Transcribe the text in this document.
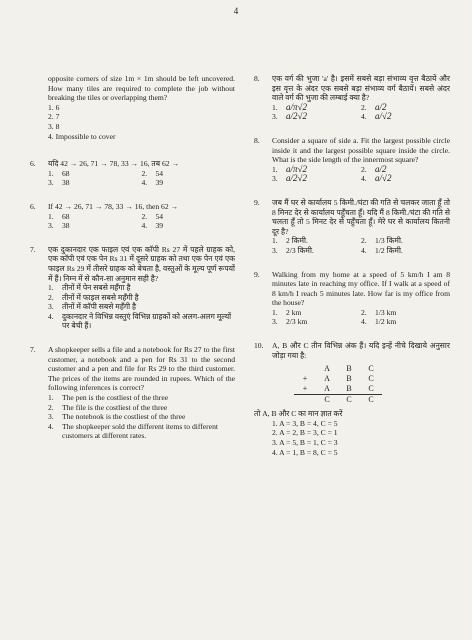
4
opposite corners of size 1m × 1m should be left uncovered. How many tiles are required to complete the job without breaking the tiles or overlapping them?
1. 6
2. 7
3. 8
4. Impossible to cover
6.	यदि 42 → 26, 71 → 78, 33 → 16, तब 62 →
1.	68	2.	54
3.	38	4.	39
6.	If 42 → 26, 71 → 78, 33 → 16, then 62 →
1.	68	2.	54
3.	38	4.	39
7.	एक दुकानदार एक फाइल एवं एक कॉपी Rs 27 में पहले ग्राहक को, एक कॉपी एवं एक पेन Rs 31 में दूसरे ग्राहक को तथा एक पेन एवं एक फाइल Rs 29 में तीसरे ग्राहक को बेचता है, वस्तुओं के मूल्य पूर्ण रूपयों में हैं। निम्न में से कौन-सा अनुमान सही है?
1.	तीनों में पेन सबसे महँगा है
2.	तीनों में फाइल सबसे महँगी है
3.	तीनों में कॉपी सबसे महँगी है
4.	दुकानदार ने विभिन्न वस्तुएं विभिन्न ग्राहकों को अलग-अलग मूल्यों पर बेची हैं।
7.	A shopkeeper sells a file and a notebook for Rs 27 to the first customer, a notebook and a pen for Rs 31 to the second customer and a pen and file for Rs 29 to the third customer. The prices of the items are rounded in rupees. Which of the following inferences is correct?
1.	The pen is the costliest of the three
2.	The file is the costliest of the three
3.	The notebook is the costliest of the three
4.	The shopkeeper sold the different items to different customers at different rates.
8.	एक वर्ग की भुजा 'a' है। इसमें सबसे बड़ा संभाव्य वृत्त बैठायें और इस वृत्त के अंदर एक सबसे बड़ा संभाव्य वर्ग बैठायें। सबसे अंदर वाले वर्ग की भुजा की लम्बाई क्या है?
1. a/π√2	2. a/2
3. a/2√2	4. a/√2
8.	Consider a square of side a. Fit the largest possible circle inside it and the largest possible square inside the circle. What is the side length of the innermost square?
1. a/π√2	2. a/2
3. a/2√2	4. a/√2
9.	जब मैं घर से कार्यालय 5 किमी./घंटा की गति से चलकर जाता हूँ तो 8 मिनट देर से कार्यालय पहुँचता हूँ। यदि मैं 8 किमी./घंटा की गति से चलता हूँ तो 5 मिनट देर से पहुँचता हूँ। मेरे घर से कार्यालय कितनी दूर है?
1.	2 किमी.	2.	1/3 किमी.
3.	2/3 किमी.	4.	1/2 किमी.
9.	Walking from my home at a speed of 5 km/h I am 8 minutes late in reaching my office. If I walk at a speed of 8 km/h I reach 5 minutes late. How far is my office from the house?
1.	2 km	2.	1/3 km
3.	2/3 km	4.	1/2 km
10.	A, B और C तीन विभिन्न अंक हैं। यदि इन्हें नीचे दिखाये अनुसार जोड़ा गया है:
	A	B	C
+	A	B	C
+	A	B	C
	C	C	C
तो A, B और C का मान ज्ञात करें
1. A = 3, B = 4, C = 5
2. A = 2, B = 3, C = 1
3. A = 5, B = 1, C = 3
4. A = 1, B = 8, C = 5
